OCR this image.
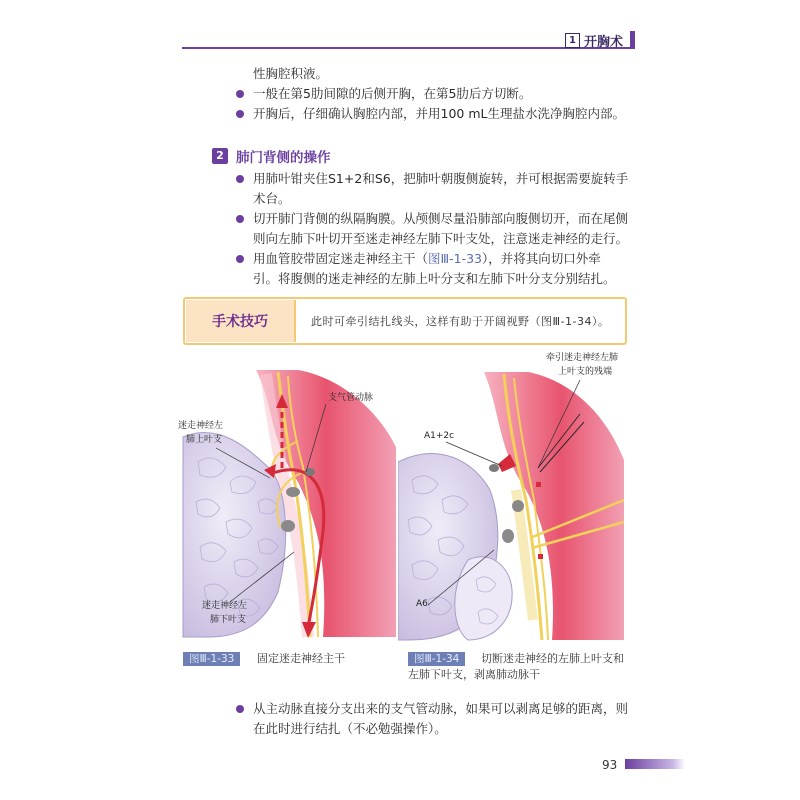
1 开胸术
性胸腔积液。
一般在第5肋间隙的后侧开胸，在第5肋后方切断。
开胸后，仔细确认胸腔内部，并用100 mL生理盐水洗净胸腔内部。
2 肺门背侧的操作
用肺叶钳夹住S1+2和S6，把肺叶朝腹侧旋转，并可根据需要旋转手
术台。
切开肺门背侧的纵隔胸膜。从颅侧尽量沿肺部向腹侧切开，而在尾侧
则向左肺下叶切开至迷走神经左肺下叶支处，注意迷走神经的走行。
用血管胶带固定迷走神经主干（图Ⅲ-1-33），并将其向切口外牵
引。将腹侧的迷走神经的左肺上叶分支和左肺下叶分支分别结扎。
手术技巧	此时可牵引结扎线头，这样有助于开阔视野（图Ⅲ-1-34）。
支气管动脉
迷走神经左
肺上叶支
迷走神经左
肺下叶支
牵引迷走神经左肺
上叶支的残端
A1+2c
A6
图Ⅲ-1-33	固定迷走神经主干	图Ⅲ-1-34	切断迷走神经的左肺上叶支和
左肺下叶支，剥离肺动脉干
从主动脉直接分支出来的支气管动脉，如果可以剥离足够的距离，则
在此时进行结扎（不必勉强操作）。
93
